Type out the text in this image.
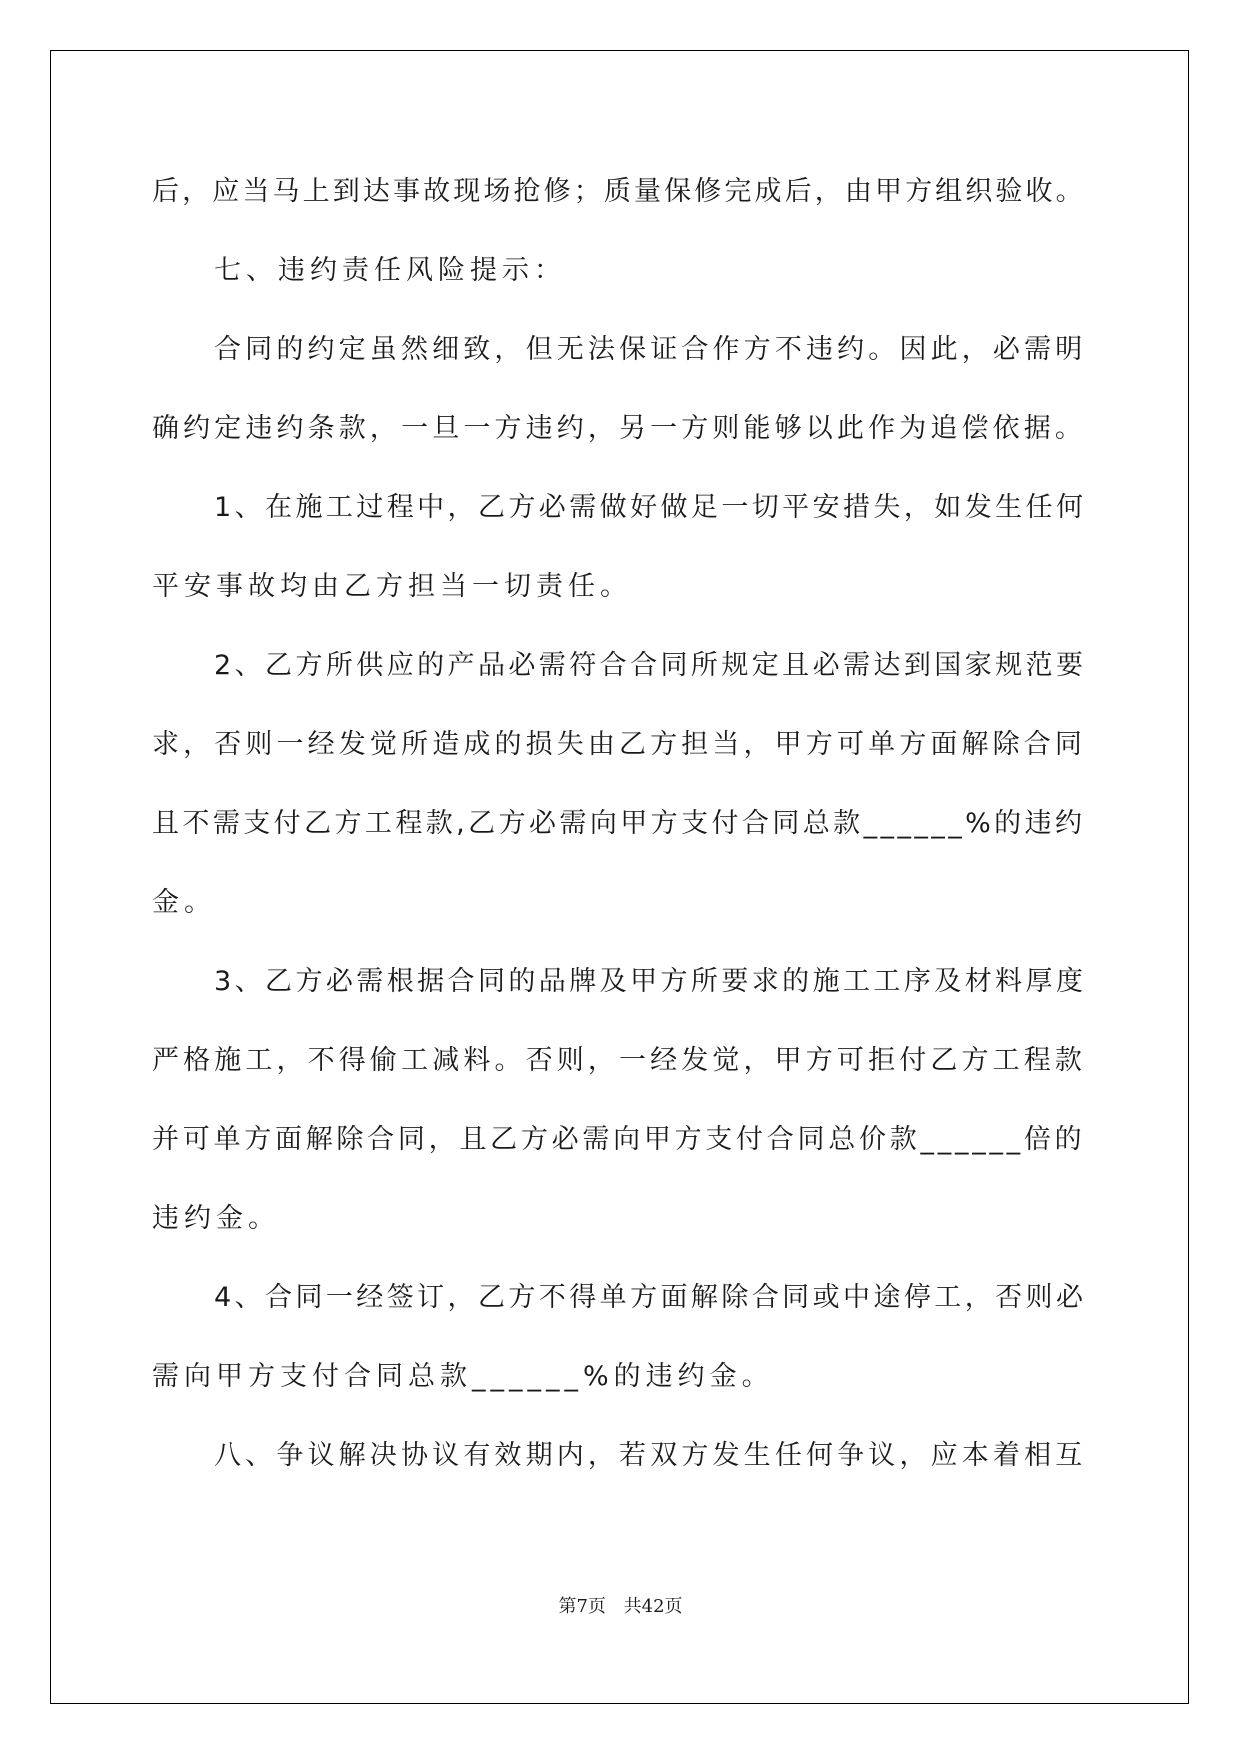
后，应当马上到达事故现场抢修；质量保修完成后，由甲方组织验收。
七、违约责任风险提示：
合同的约定虽然细致，但无法保证合作方不违约。因此，必需明
确约定违约条款，一旦一方违约，另一方则能够以此作为追偿依据。
1、在施工过程中，乙方必需做好做足一切平安措失，如发生任何
平安事故均由乙方担当一切责任。
2、乙方所供应的产品必需符合合同所规定且必需达到国家规范要
求，否则一经发觉所造成的损失由乙方担当，甲方可单方面解除合同
且不需支付乙方工程款,乙方必需向甲方支付合同总款______%的违约
金。
3、乙方必需根据合同的品牌及甲方所要求的施工工序及材料厚度
严格施工，不得偷工减料。否则，一经发觉，甲方可拒付乙方工程款
并可单方面解除合同，且乙方必需向甲方支付合同总价款______倍的
违约金。
4、合同一经签订，乙方不得单方面解除合同或中途停工，否则必
需向甲方支付合同总款______%的违约金。
八、争议解决协议有效期内，若双方发生任何争议，应本着相互
第7页 共42页
